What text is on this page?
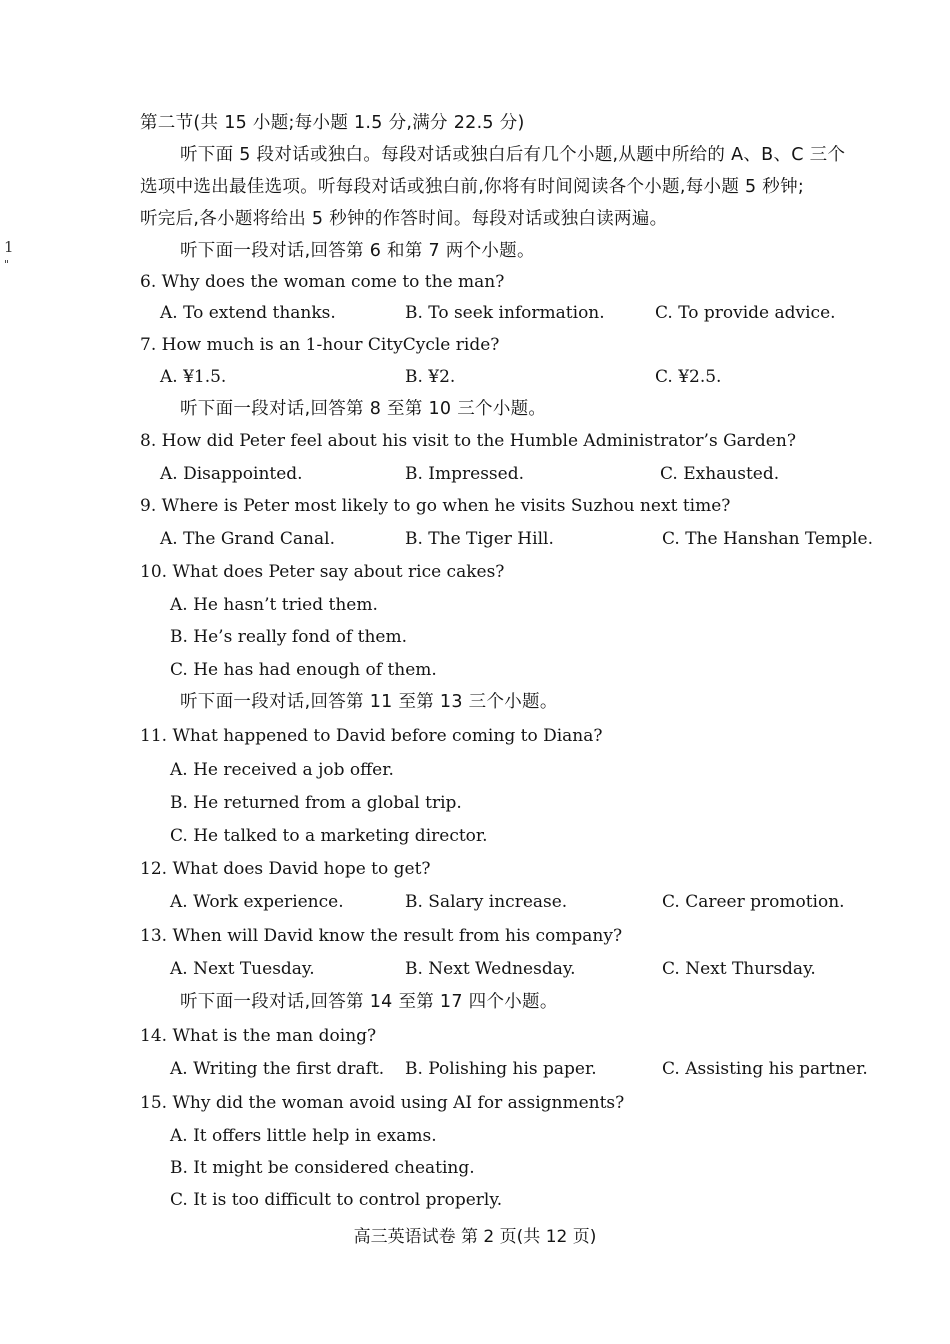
第二节(共 15 小题;每小题 1.5 分,满分 22.5 分)
听下面 5 段对话或独白。每段对话或独白后有几个小题,从题中所给的 A、B、C 三个
选项中选出最佳选项。听每段对话或独白前,你将有时间阅读各个小题,每小题 5 秒钟;
听完后,各小题将给出 5 秒钟的作答时间。每段对话或独白读两遍。
1
"
听下面一段对话,回答第 6 和第 7 两个小题。
6. Why does the woman come to the man?
A. To extend thanks.	B. To seek information.	C. To provide advice.
7. How much is an 1-hour CityCycle ride?
A. ¥1.5.	B. ¥2.	C. ¥2.5.
听下面一段对话,回答第 8 至第 10 三个小题。
8. How did Peter feel about his visit to the Humble Administrator’s Garden?
A. Disappointed.	B. Impressed.	C. Exhausted.
9. Where is Peter most likely to go when he visits Suzhou next time?
A. The Grand Canal.	B. The Tiger Hill.	C. The Hanshan Temple.
10. What does Peter say about rice cakes?
A. He hasn’t tried them.
B. He’s really fond of them.
C. He has had enough of them.
听下面一段对话,回答第 11 至第 13 三个小题。
11. What happened to David before coming to Diana?
A. He received a job offer.
B. He returned from a global trip.
C. He talked to a marketing director.
12. What does David hope to get?
A. Work experience.	B. Salary increase.	C. Career promotion.
13. When will David know the result from his company?
A. Next Tuesday.	B. Next Wednesday.	C. Next Thursday.
听下面一段对话,回答第 14 至第 17 四个小题。
14. What is the man doing?
A. Writing the first draft. B. Polishing his paper.	C. Assisting his partner.
15. Why did the woman avoid using AI for assignments?
A. It offers little help in exams.
B. It might be considered cheating.
C. It is too difficult to control properly.
高三英语试卷 第 2 页(共 12 页)
